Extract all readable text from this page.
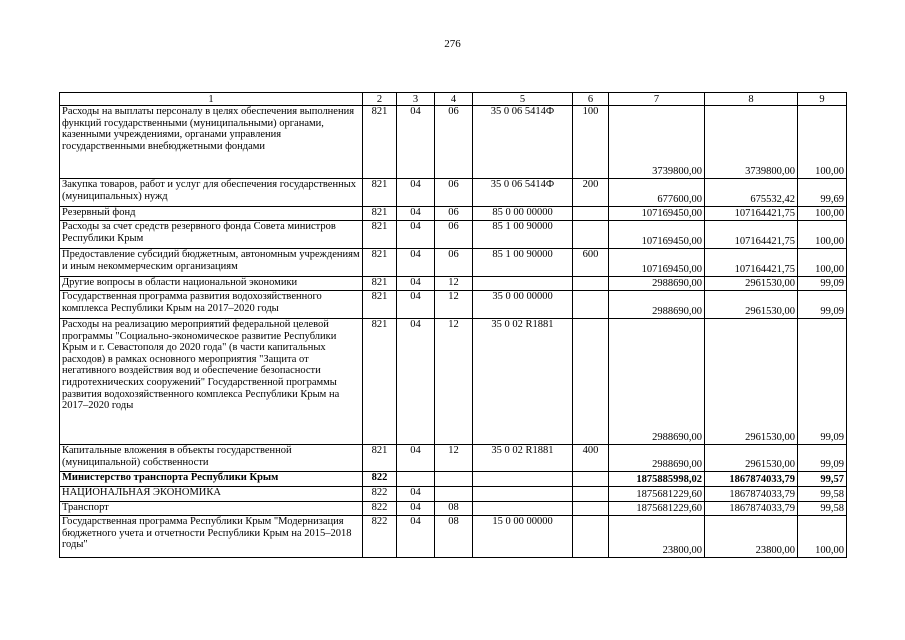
276
1	2	3	4	5	6	7	8	9
Расходы на выплаты персоналу в целях обеспечения выполнения функций государственными (муниципальными) органами, казенными учреждениями, органами управления государственными внебюджетными фондами	821	04	06	35 0 06 5414Ф	100	3739800,00	3739800,00	100,00
Закупка товаров, работ и услуг для обеспечения государственных (муниципальных) нужд	821	04	06	35 0 06 5414Ф	200	677600,00	675532,42	99,69
Резервный фонд	821	04	06	85 0 00 00000		107169450,00	107164421,75	100,00
Расходы за счет средств резервного фонда Совета министров Республики Крым	821	04	06	85 1 00 90000		107169450,00	107164421,75	100,00
Предоставление субсидий бюджетным, автономным учреждениям и иным некоммерческим организациям	821	04	06	85 1 00 90000	600	107169450,00	107164421,75	100,00
Другие вопросы в области национальной экономики	821	04	12			2988690,00	2961530,00	99,09
Государственная программа развития водохозяйственного комплекса Республики Крым на 2017–2020 годы	821	04	12	35 0 00 00000		2988690,00	2961530,00	99,09
Расходы на реализацию мероприятий федеральной целевой программы "Социально-экономическое развитие Республики Крым и г. Севастополя до 2020 года" (в части капитальных расходов) в рамках основного мероприятия "Защита от негативного воздействия вод и обеспечение безопасности гидротехнических сооружений" Государственной программы развития водохозяйственного комплекса Республики Крым на 2017–2020 годы	821	04	12	35 0 02 R1881		2988690,00	2961530,00	99,09
Капитальные вложения в объекты государственной (муниципальной) собственности	821	04	12	35 0 02 R1881	400	2988690,00	2961530,00	99,09
Министерство транспорта Республики Крым	822					1875885998,02	1867874033,79	99,57
НАЦИОНАЛЬНАЯ ЭКОНОМИКА	822	04				1875681229,60	1867874033,79	99,58
Транспорт	822	04	08			1875681229,60	1867874033,79	99,58
Государственная программа Республики Крым "Модернизация бюджетного учета и отчетности Республики Крым на 2015–2018 годы"	822	04	08	15 0 00 00000		23800,00	23800,00	100,00
